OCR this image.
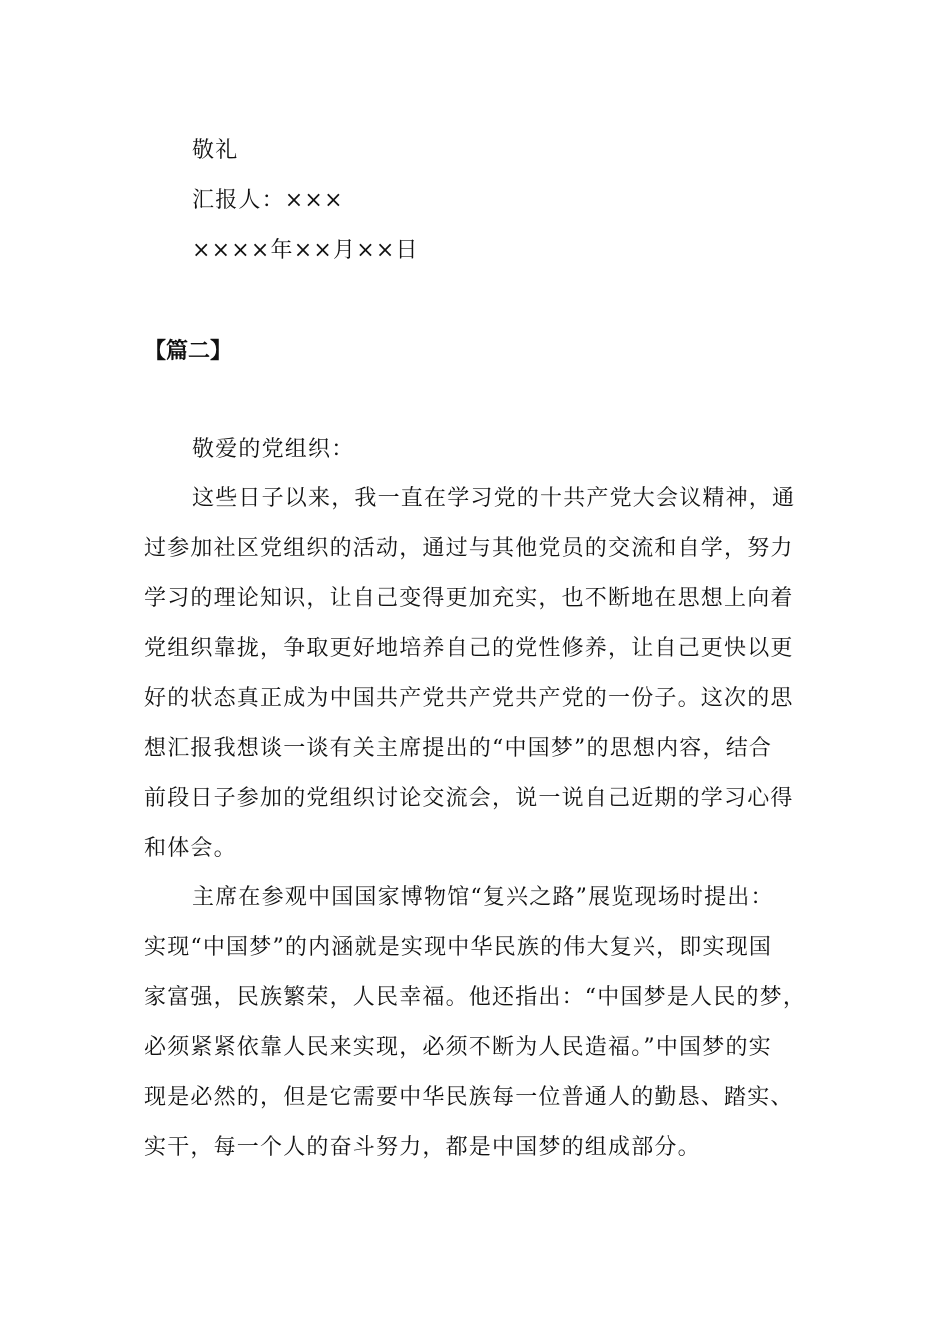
敬礼
汇报人：×××
××××年××月××日
【篇二】
敬爱的党组织：
这些日子以来，我一直在学习党的十共产党大会议精神，通
过参加社区党组织的活动，通过与其他党员的交流和自学，努力
学习的理论知识，让自己变得更加充实，也不断地在思想上向着
党组织靠拢，争取更好地培养自己的党性修养，让自己更快以更
好的状态真正成为中国共产党共产党共产党的一份子。这次的思
想汇报我想谈一谈有关主席提出的“中国梦”的思想内容，结合
前段日子参加的党组织讨论交流会，说一说自己近期的学习心得
和体会。
主席在参观中国国家博物馆“复兴之路”展览现场时提出：
实现“中国梦”的内涵就是实现中华民族的伟大复兴，即实现国
家富强，民族繁荣，人民幸福。他还指出：“中国梦是人民的梦，
必须紧紧依靠人民来实现，必须不断为人民造福。”中国梦的实
现是必然的，但是它需要中华民族每一位普通人的勤恳、踏实、
实干，每一个人的奋斗努力，都是中国梦的组成部分。
